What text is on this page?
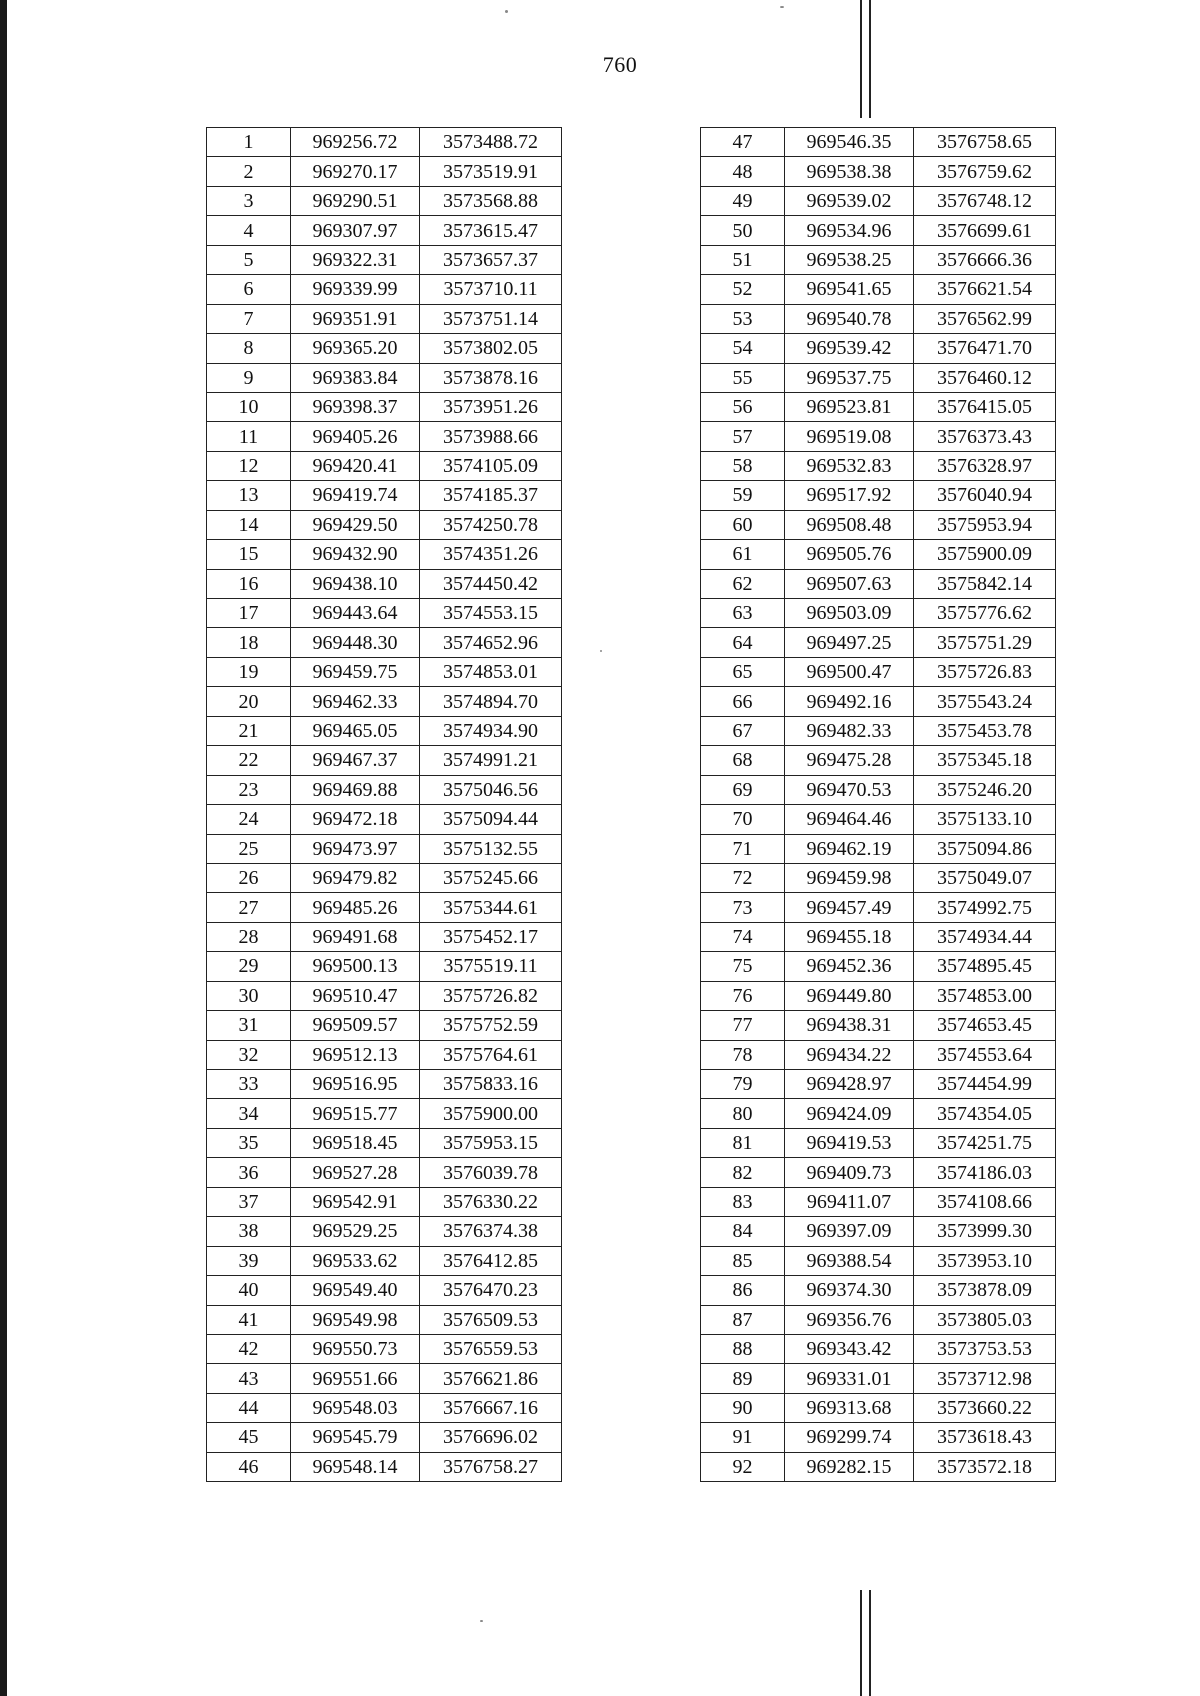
760
1	969256.72	3573488.72
2	969270.17	3573519.91
3	969290.51	3573568.88
4	969307.97	3573615.47
5	969322.31	3573657.37
6	969339.99	3573710.11
7	969351.91	3573751.14
8	969365.20	3573802.05
9	969383.84	3573878.16
10	969398.37	3573951.26
11	969405.26	3573988.66
12	969420.41	3574105.09
13	969419.74	3574185.37
14	969429.50	3574250.78
15	969432.90	3574351.26
16	969438.10	3574450.42
17	969443.64	3574553.15
18	969448.30	3574652.96
19	969459.75	3574853.01
20	969462.33	3574894.70
21	969465.05	3574934.90
22	969467.37	3574991.21
23	969469.88	3575046.56
24	969472.18	3575094.44
25	969473.97	3575132.55
26	969479.82	3575245.66
27	969485.26	3575344.61
28	969491.68	3575452.17
29	969500.13	3575519.11
30	969510.47	3575726.82
31	969509.57	3575752.59
32	969512.13	3575764.61
33	969516.95	3575833.16
34	969515.77	3575900.00
35	969518.45	3575953.15
36	969527.28	3576039.78
37	969542.91	3576330.22
38	969529.25	3576374.38
39	969533.62	3576412.85
40	969549.40	3576470.23
41	969549.98	3576509.53
42	969550.73	3576559.53
43	969551.66	3576621.86
44	969548.03	3576667.16
45	969545.79	3576696.02
46	969548.14	3576758.27
47	969546.35	3576758.65
48	969538.38	3576759.62
49	969539.02	3576748.12
50	969534.96	3576699.61
51	969538.25	3576666.36
52	969541.65	3576621.54
53	969540.78	3576562.99
54	969539.42	3576471.70
55	969537.75	3576460.12
56	969523.81	3576415.05
57	969519.08	3576373.43
58	969532.83	3576328.97
59	969517.92	3576040.94
60	969508.48	3575953.94
61	969505.76	3575900.09
62	969507.63	3575842.14
63	969503.09	3575776.62
64	969497.25	3575751.29
65	969500.47	3575726.83
66	969492.16	3575543.24
67	969482.33	3575453.78
68	969475.28	3575345.18
69	969470.53	3575246.20
70	969464.46	3575133.10
71	969462.19	3575094.86
72	969459.98	3575049.07
73	969457.49	3574992.75
74	969455.18	3574934.44
75	969452.36	3574895.45
76	969449.80	3574853.00
77	969438.31	3574653.45
78	969434.22	3574553.64
79	969428.97	3574454.99
80	969424.09	3574354.05
81	969419.53	3574251.75
82	969409.73	3574186.03
83	969411.07	3574108.66
84	969397.09	3573999.30
85	969388.54	3573953.10
86	969374.30	3573878.09
87	969356.76	3573805.03
88	969343.42	3573753.53
89	969331.01	3573712.98
90	969313.68	3573660.22
91	969299.74	3573618.43
92	969282.15	3573572.18
